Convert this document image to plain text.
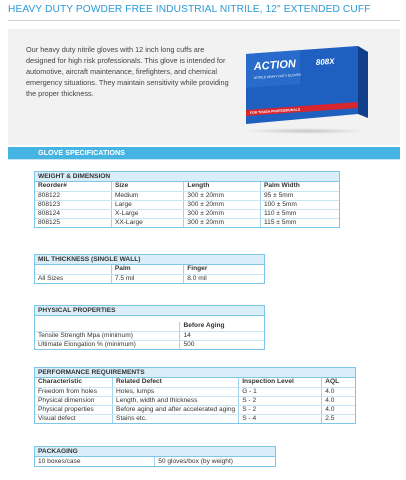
HEAVY DUTY POWDER FREE INDUSTRIAL NITRILE, 12" EXTENDED CUFF

Our heavy duty nitrile gloves with 12 inch long cuffs are designed for high risk professionals. This glove is intended for automotive, aircraft maintenance, firefighters, and chemical emergency situations. They maintain sensitivity while providing the proper thickness.

ACTION 808X
NITRILE HEAVY DUTY GLOVES
FOR TOUGH PROFESSIONALS
GLOVE SPECIFICATIONS
WEIGHT & DIMENSION
Reorder#	Size	Length	Palm Width
808122	Medium	300 ± 20mm	95 ± 5mm
808123	Large	300 ± 20mm	100 ± 5mm
808124	X-Large	300 ± 20mm	110 ± 5mm
808125	XX-Large	300 ± 20mm	115 ± 5mm
MIL THICKNESS (SINGLE WALL)
	Palm	Finger
All Sizes	7.5 mil	8.0 mil
PHYSICAL PROPERTIES
	Before Aging
Tensile Strength Mpa (minimum)	14
Ultimate Elongation % (minimum)	500
PERFORMANCE REQUIREMENTS
Characteristic	Related Defect	Inspection Level	AQL
Freedom from holes	Holes, lumps	G - 1	4.0
Physical dimension	Length, width and thickness	S - 2	4.0
Physical properties	Before aging and after accelerated aging	S - 2	4.0
Visual defect	Stains etc.	S - 4	2.5
PACKAGING
10 boxes/case	50 gloves/box (by weight)
